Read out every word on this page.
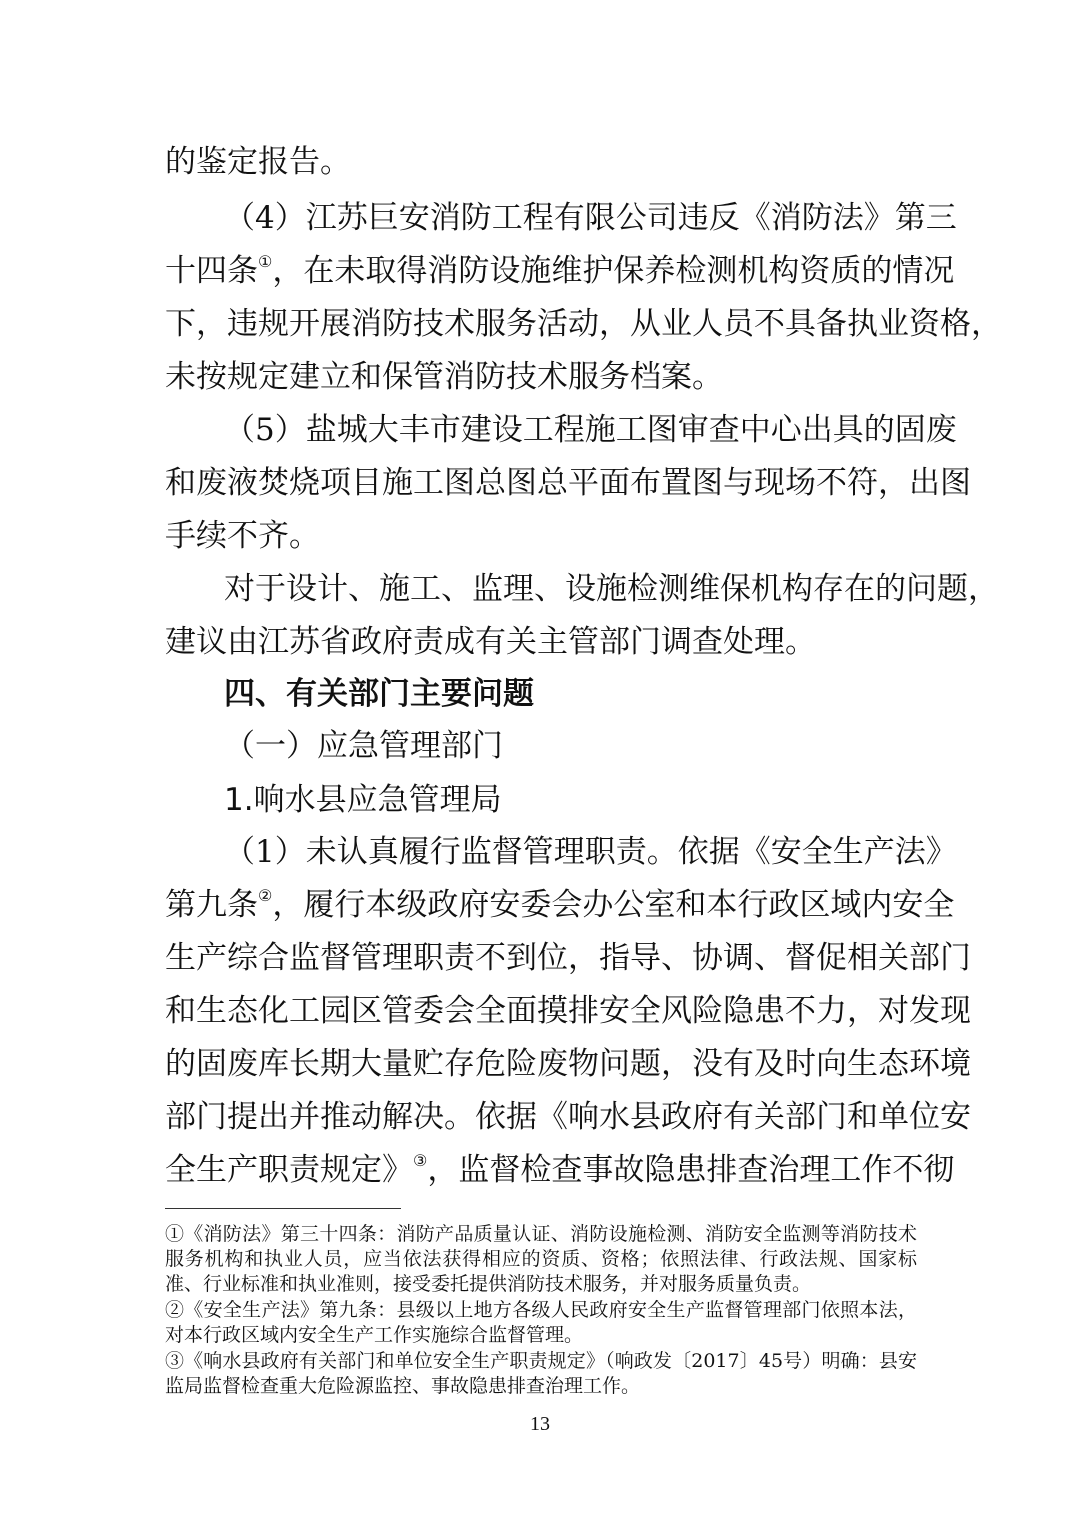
的鉴定报告。
（4）江苏巨安消防工程有限公司违反《消防法》第三
十四条①，在未取得消防设施维护保养检测机构资质的情况
下，违规开展消防技术服务活动，从业人员不具备执业资格，
未按规定建立和保管消防技术服务档案。
（5）盐城大丰市建设工程施工图审查中心出具的固废
和废液焚烧项目施工图总图总平面布置图与现场不符，出图
手续不齐。
对于设计、施工、监理、设施检测维保机构存在的问题，
建议由江苏省政府责成有关主管部门调查处理。
四、有关部门主要问题
（一）应急管理部门
1.响水县应急管理局
（1）未认真履行监督管理职责。依据《安全生产法》
第九条②，履行本级政府安委会办公室和本行政区域内安全
生产综合监督管理职责不到位，指导、协调、督促相关部门
和生态化工园区管委会全面摸排安全风险隐患不力，对发现
的固废库长期大量贮存危险废物问题，没有及时向生态环境
部门提出并推动解决。依据《响水县政府有关部门和单位安
全生产职责规定》③，监督检查事故隐患排查治理工作不彻
①《消防法》第三十四条：消防产品质量认证、消防设施检测、消防安全监测等消防技术服务机构和执业人员，应当依法获得相应的资质、资格；依照法律、行政法规、国家标准、行业标准和执业准则，接受委托提供消防技术服务，并对服务质量负责。
②《安全生产法》第九条：县级以上地方各级人民政府安全生产监督管理部门依照本法，对本行政区域内安全生产工作实施综合监督管理。
③《响水县政府有关部门和单位安全生产职责规定》（响政发〔2017〕45号）明确：县安监局监督检查重大危险源监控、事故隐患排查治理工作。
13
